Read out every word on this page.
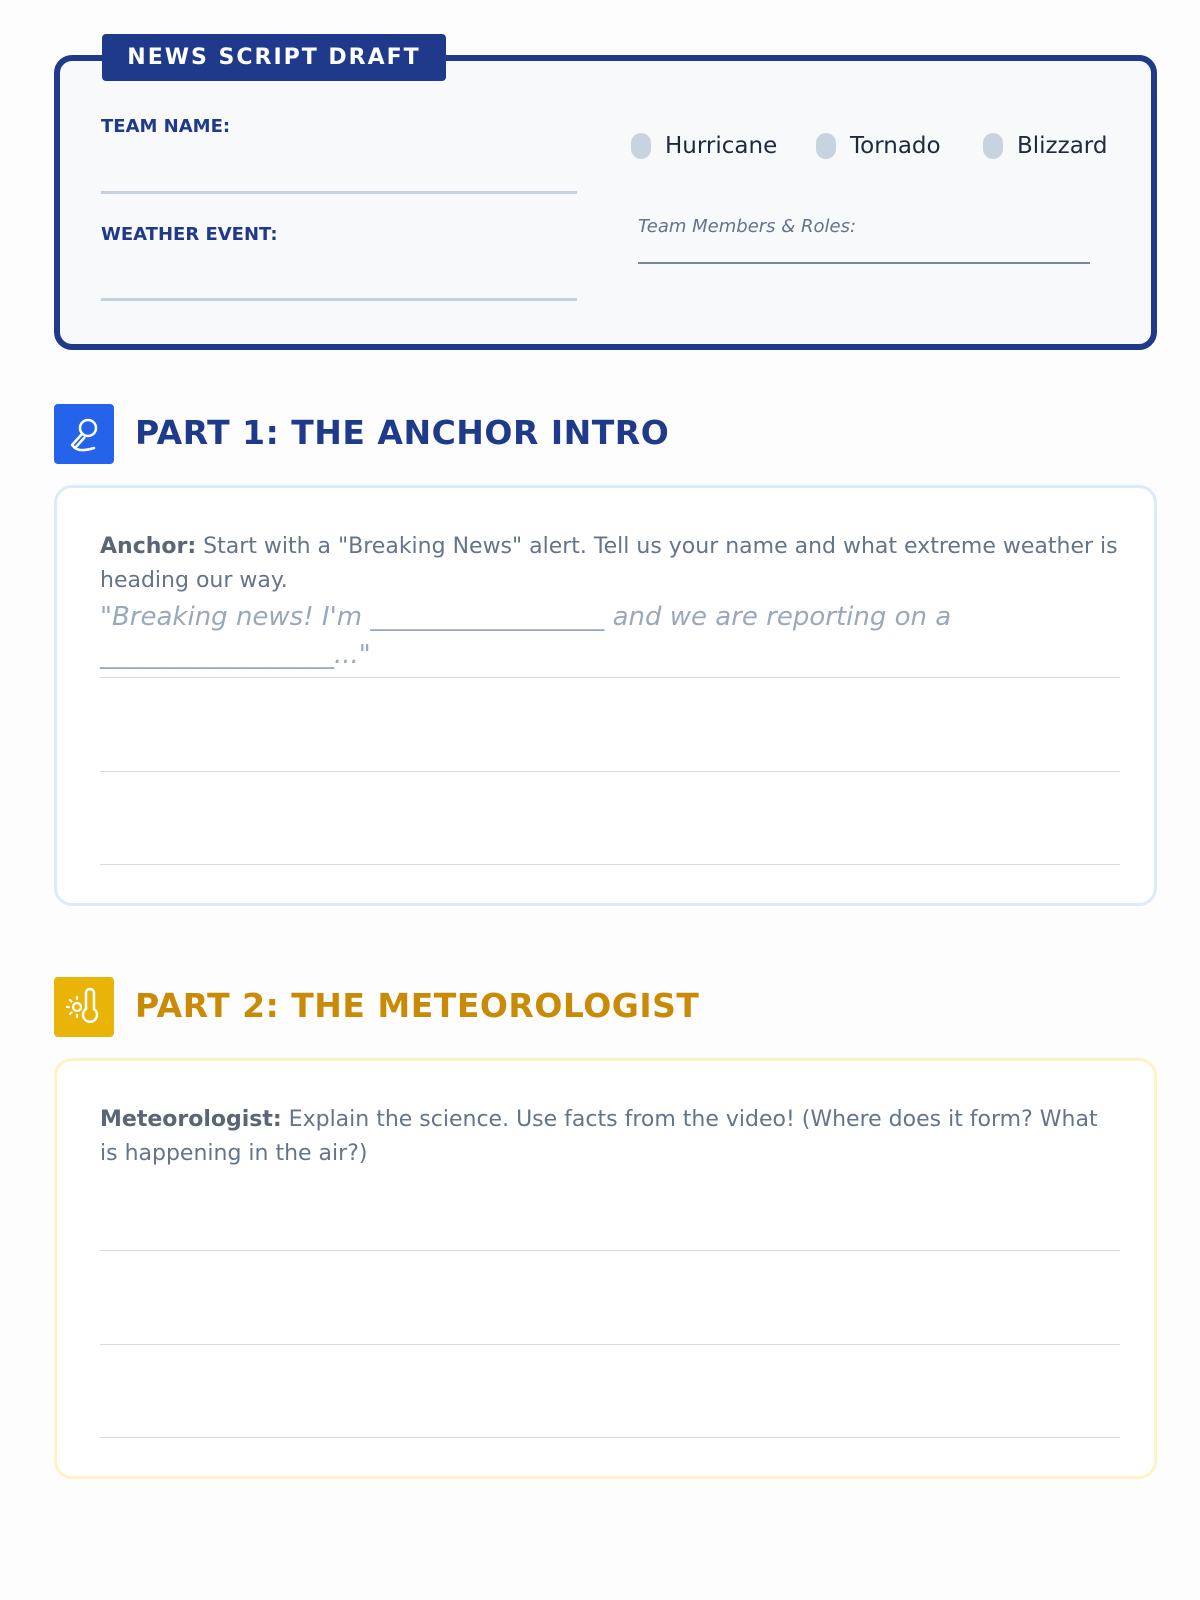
NEWS SCRIPT DRAFT
TEAM NAME:
WEATHER EVENT:
Hurricane	Tornado	Blizzard
Team Members & Roles:
PART 1: THE ANCHOR INTRO
Anchor: Start with a "Breaking News" alert. Tell us your name and what extreme weather is heading our way.
"Breaking news! I'm __________________ and we are reporting on a __________________..."
PART 2: THE METEOROLOGIST
Meteorologist: Explain the science. Use facts from the video! (Where does it form? What is happening in the air?)
